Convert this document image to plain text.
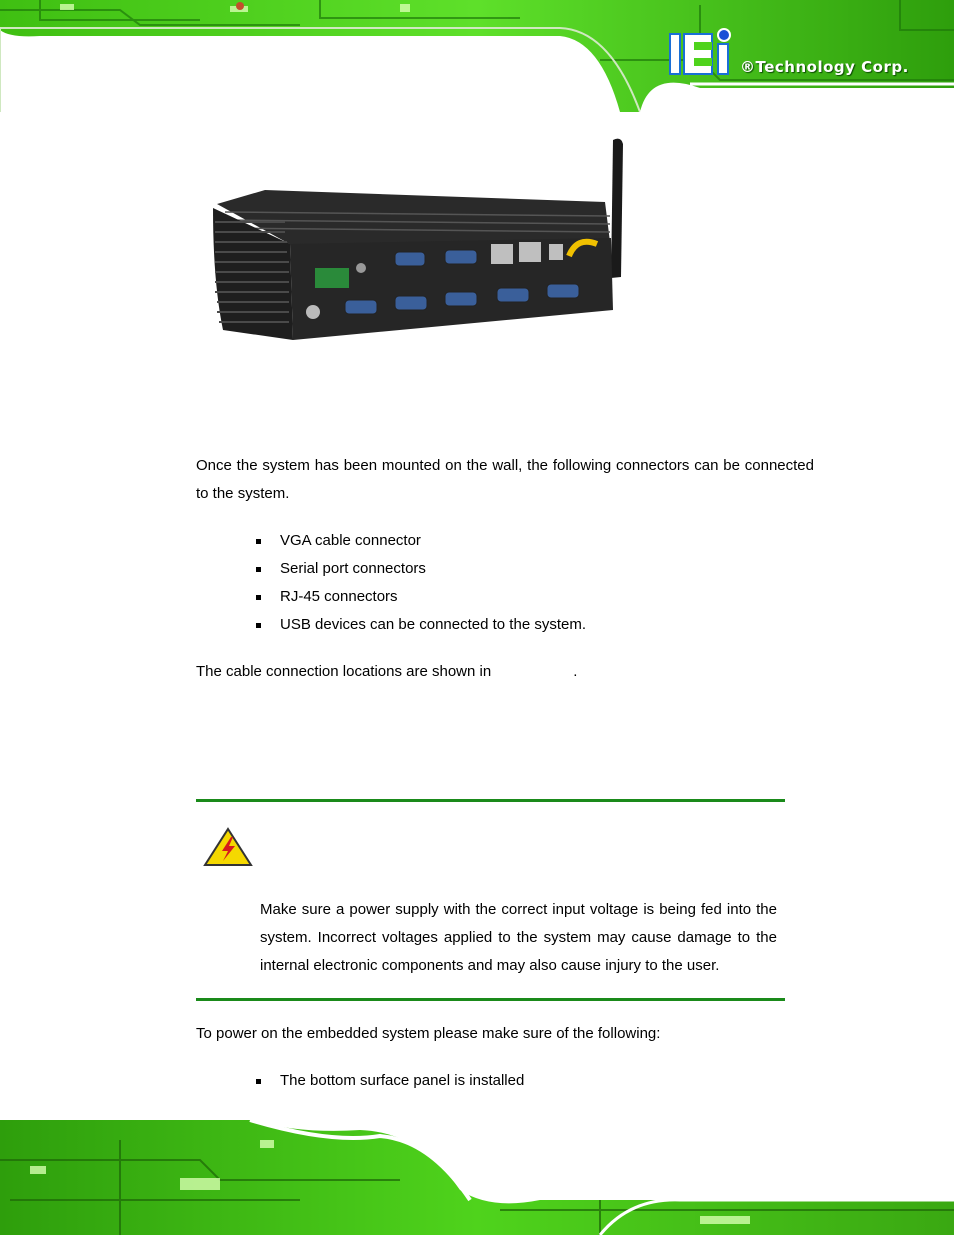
®Technology Corp.
Once the system has been mounted on the wall, the following connectors can be connected to the system.
VGA cable connector
Serial port connectors
RJ-45 connectors
USB devices can be connected to the system.
The cable connection locations are shown in	.
Make sure a power supply with the correct input voltage is being fed into the system. Incorrect voltages applied to the system may cause damage to the internal electronic components and may also cause injury to the user.
To power on the embedded system please make sure of the following:
The bottom surface panel is installed
